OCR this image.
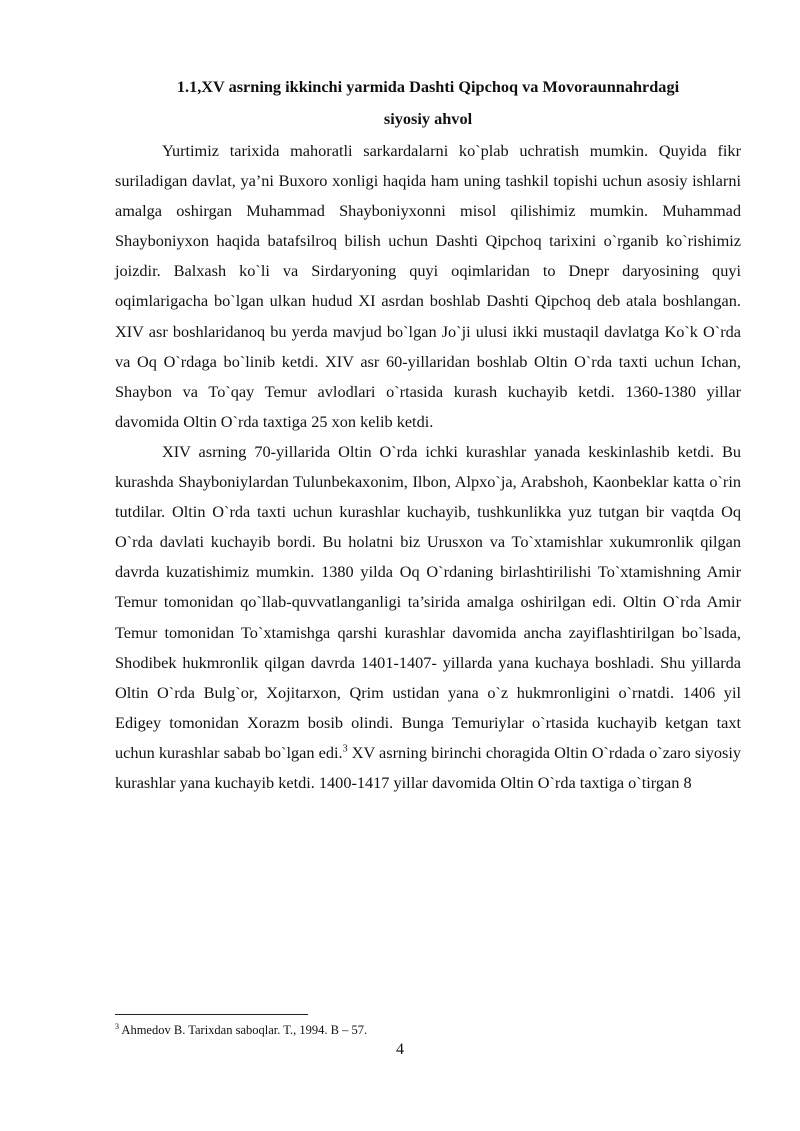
1.1,XV asrning ikkinchi yarmida Dashti Qipchoq va Movoraunnahrdagi
siyosiy ahvol

Yurtimiz tarixida mahoratli sarkardalarni ko`plab uchratish mumkin. Quyida fikr suriladigan davlat, ya’ni Buxoro xonligi haqida ham uning tashkil topishi uchun asosiy ishlarni amalga oshirgan Muhammad Shayboniyxonni misol qilishimiz mumkin. Muhammad Shayboniyxon haqida batafsilroq bilish uchun Dashti Qipchoq tarixini o`rganib ko`rishimiz joizdir. Balxash ko`li va Sirdaryoning quyi oqimlaridan to Dnepr daryosining quyi oqimlarigacha bo`lgan ulkan hudud XI asrdan boshlab Dashti Qipchoq deb atala boshlangan. XIV asr boshlaridanoq bu yerda mavjud bo`lgan Jo`ji ulusi ikki mustaqil davlatga Ko`k O`rda va Oq O`rdaga bo`linib ketdi. XIV asr 60-yillaridan boshlab Oltin O`rda taxti uchun Ichan, Shaybon va To`qay Temur avlodlari o`rtasida kurash kuchayib ketdi. 1360-1380 yillar davomida Oltin O`rda taxtiga 25 xon kelib ketdi.

XIV asrning 70-yillarida Oltin O`rda ichki kurashlar yanada keskinlashib ketdi. Bu kurashda Shayboniylardan Tulunbekaxonim, Ilbon, Alpxo`ja, Arabshoh, Kaonbeklar katta o`rin tutdilar. Oltin O`rda taxti uchun kurashlar kuchayib, tushkunlikka yuz tutgan bir vaqtda Oq O`rda davlati kuchayib bordi. Bu holatni biz Urusxon va To`xtamishlar xukumronlik qilgan davrda kuzatishimiz mumkin. 1380 yilda Oq O`rdaning birlashtirilishi To`xtamishning Amir Temur tomonidan qo`llab-quvvatlanganligi ta’sirida amalga oshirilgan edi. Oltin O`rda Amir Temur tomonidan To`xtamishga qarshi kurashlar davomida ancha zayiflashtirilgan bo`lsada, Shodibek hukmronlik qilgan davrda 1401-1407- yillarda yana kuchaya boshladi. Shu yillarda Oltin O`rda Bulg`or, Xojitarxon, Qrim ustidan yana o`z hukmronligini o`rnatdi. 1406 yil Edigey tomonidan Xorazm bosib olindi. Bunga Temuriylar o`rtasida kuchayib ketgan taxt uchun kurashlar sabab bo`lgan edi.$^3$ XV asrning birinchi choragida Oltin O`rdada o`zaro siyosiy kurashlar yana kuchayib ketdi. 1400-1417 yillar davomida Oltin O`rda taxtiga o`tirgan 8

$^3$ Ahmedov B. Tarixdan saboqlar. T., 1994. B – 57.
4
